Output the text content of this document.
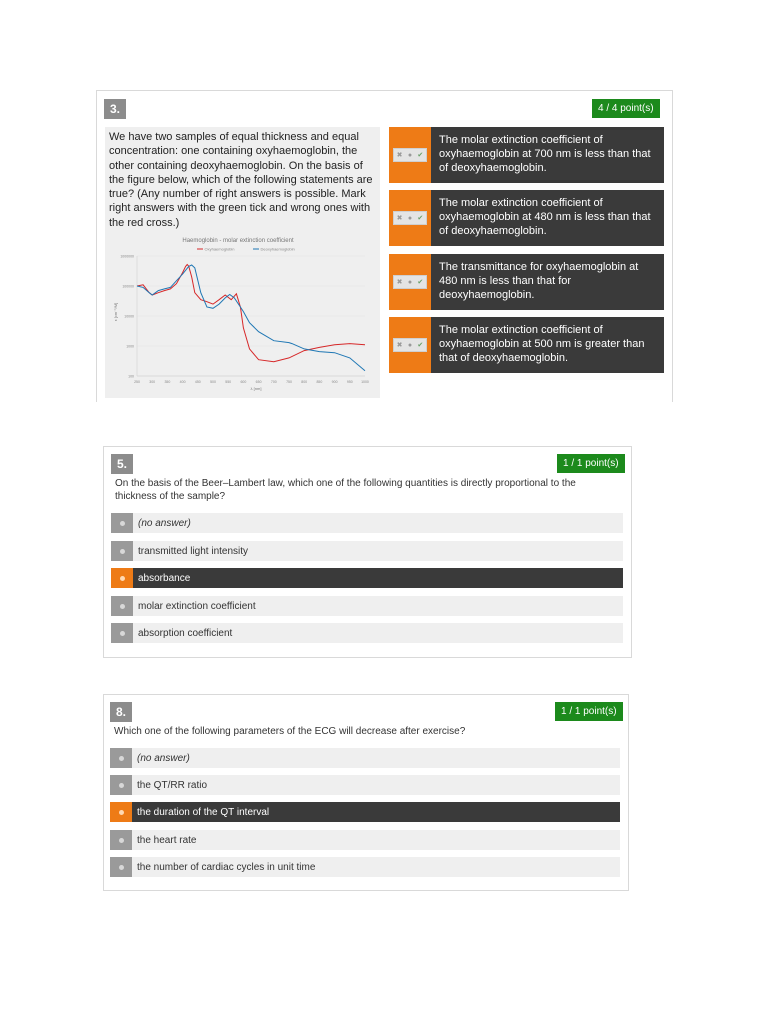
3.	4 / 4 point(s)
We have two samples of equal thickness and equal concentration: one containing oxyhaemoglobin, the other containing deoxyhaemoglobin. On the basis of the figure below, which of the following statements are true? (Any number of right answers is possible. Mark right answers with the green tick and wrong ones with the red cross.)
Haemoglobin - molar extinction coefficient
Oxyhaemoglobin	Deoxyhaemoglobin
100
1000
10000
100000
1000000
250	300	350	400	450	500	550	600	650	700	750	800	850	900	950 1000
λ [nm]
ε [cm⁻¹/M]
✖ ● ✔
The molar extinction coefficient of oxyhaemoglobin at 700 nm is less than that of deoxyhaemoglobin.
✖ ● ✔
The molar extinction coefficient of oxyhaemoglobin at 480 nm is less than that of deoxyhaemoglobin.
✖ ● ✔
The transmittance for oxyhaemoglobin at 480 nm is less than that for deoxyhaemoglobin.
✖ ● ✔
The molar extinction coefficient of oxyhaemoglobin at 500 nm is greater than that of deoxyhaemoglobin.
5.	1 / 1 point(s)
On the basis of the Beer–Lambert law, which one of the following quantities is directly proportional to the thickness of the sample?
(no answer)
transmitted light intensity
absorbance
molar extinction coefficient
absorption coefficient
8.	1 / 1 point(s)
Which one of the following parameters of the ECG will decrease after exercise?
(no answer)
the QT/RR ratio
the duration of the QT interval
the heart rate
the number of cardiac cycles in unit time
